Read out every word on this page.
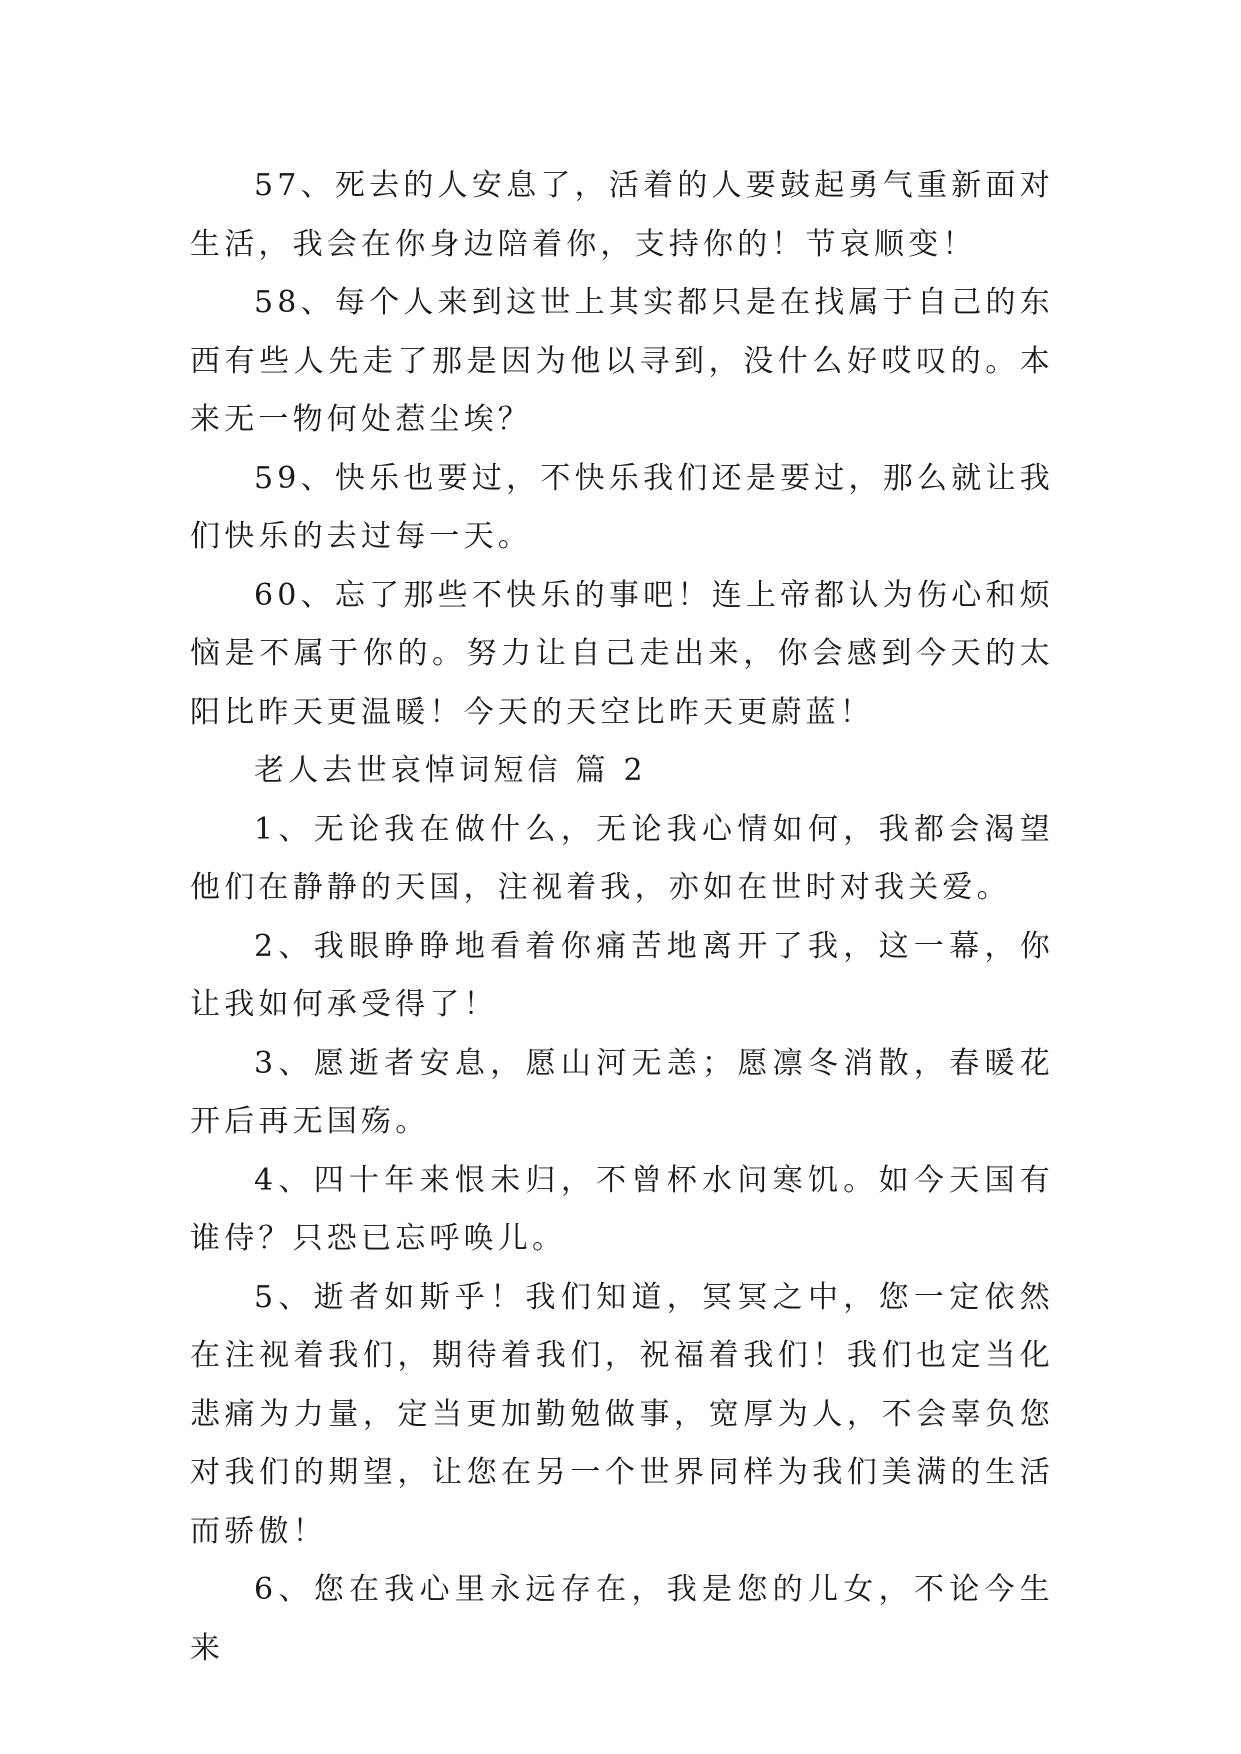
57、死去的人安息了，活着的人要鼓起勇气重新面对生活，我会在你身边陪着你，支持你的！节哀顺变！

58、每个人来到这世上其实都只是在找属于自己的东西有些人先走了那是因为他以寻到，没什么好哎叹的。本来无一物何处惹尘埃？

59、快乐也要过，不快乐我们还是要过，那么就让我们快乐的去过每一天。

60、忘了那些不快乐的事吧！连上帝都认为伤心和烦恼是不属于你的。努力让自己走出来，你会感到今天的太阳比昨天更温暖！今天的天空比昨天更蔚蓝！

老人去世哀悼词短信 篇 2

1、无论我在做什么，无论我心情如何，我都会渴望他们在静静的天国，注视着我，亦如在世时对我关爱。

2、我眼睁睁地看着你痛苦地离开了我，这一幕，你让我如何承受得了！

3、愿逝者安息，愿山河无恙；愿凛冬消散，春暖花开后再无国殇。

4、四十年来恨未归，不曾杯水问寒饥。如今天国有谁侍？只恐已忘呼唤儿。

5、逝者如斯乎！我们知道，冥冥之中，您一定依然在注视着我们，期待着我们，祝福着我们！我们也定当化悲痛为力量，定当更加勤勉做事，宽厚为人，不会辜负您对我们的期望，让您在另一个世界同样为我们美满的生活而骄傲！

6、您在我心里永远存在，我是您的儿女，不论今生来
